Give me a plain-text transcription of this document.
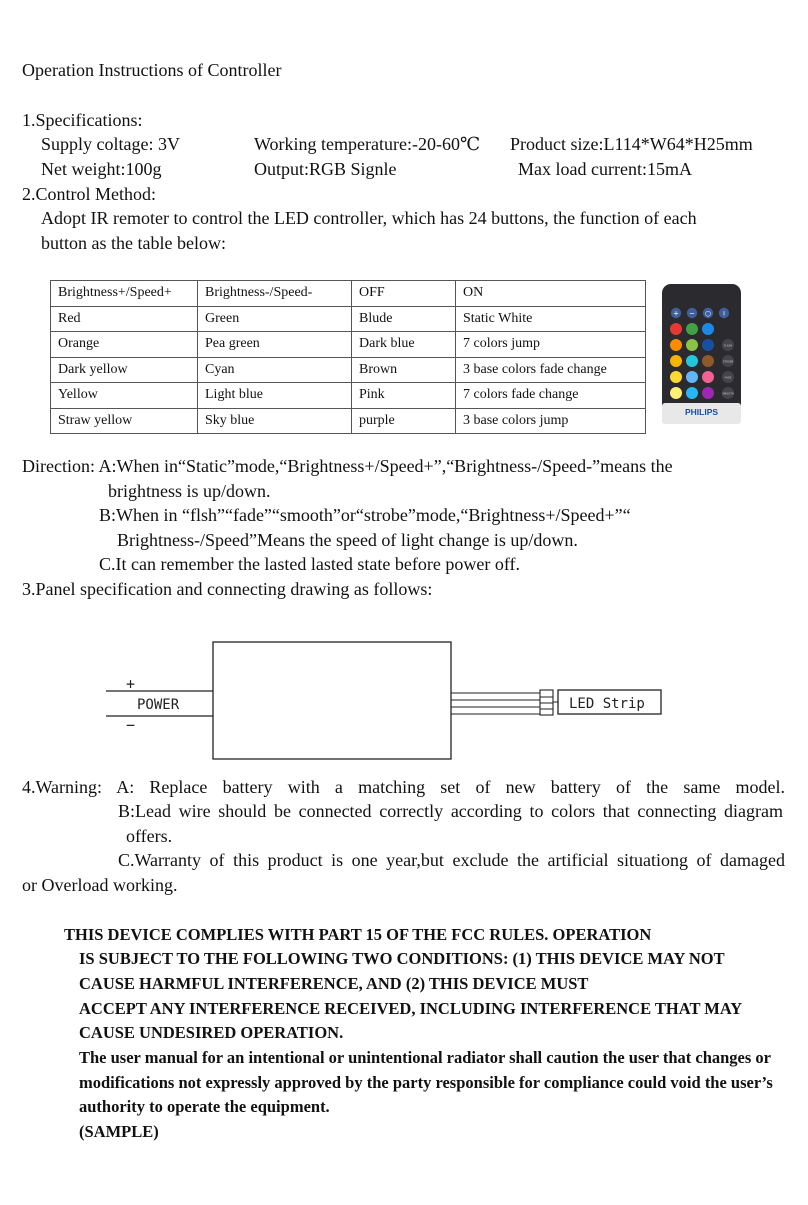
Operation Instructions of Controller
1.Specifications:
Supply coltage: 3V	Working temperature:-20-60℃ Product size:L114*W64*H25mm
Net weight:100g	Output:RGB Signle	Max load current:15mA
2.Control Method:
Adopt IR remoter to control the LED controller, which has 24 buttons, the function of each
button as the table below:
Brightness+/Speed+	Brightness-/Speed-	OFF	ON
Red	Green	Blude	Static White
Orange	Pea green	Dark blue	7 colors jump
Dark yellow	Cyan	Brown	3 base colors fade change
Yellow	Light blue	Pink	7 colors fade change
Straw yellow	Sky blue	purple	3 base colors jump
+ − ○ I
FLASH
STROBE
FADE
SMOOTH
PHILIPS
Direction: A:When in“Static”mode,“Brightness+/Speed+”,“Brightness-/Speed-”means the
brightness is up/down.
B:When in “flsh”“fade”“smooth”or“strobe”mode,“Brightness+/Speed+”“
Brightness-/Speed”Means the speed of light change is up/down.
C.It can remember the lasted lasted state before power off.
3.Panel specification and connecting drawing as follows:
+
POWER
−
LED Strip
4.Warning: A: Replace battery with a matching set of new battery of the same model.
B:Lead wire should be connected correctly according to colors that connecting diagram
offers.
C.Warranty of this product is one year,but exclude the artificial situationg of damaged
or Overload working.
THIS DEVICE COMPLIES WITH PART 15 OF THE FCC RULES. OPERATION
IS SUBJECT TO THE FOLLOWING TWO CONDITIONS: (1) THIS DEVICE MAY NOT
CAUSE HARMFUL INTERFERENCE, AND (2) THIS DEVICE MUST
ACCEPT ANY INTERFERENCE RECEIVED, INCLUDING INTERFERENCE THAT MAY
CAUSE UNDESIRED OPERATION.
The user manual for an intentional or unintentional radiator shall caution the user that changes or
modifications not expressly approved by the party responsible for compliance could void the user’s
authority to operate the equipment.
(SAMPLE)
